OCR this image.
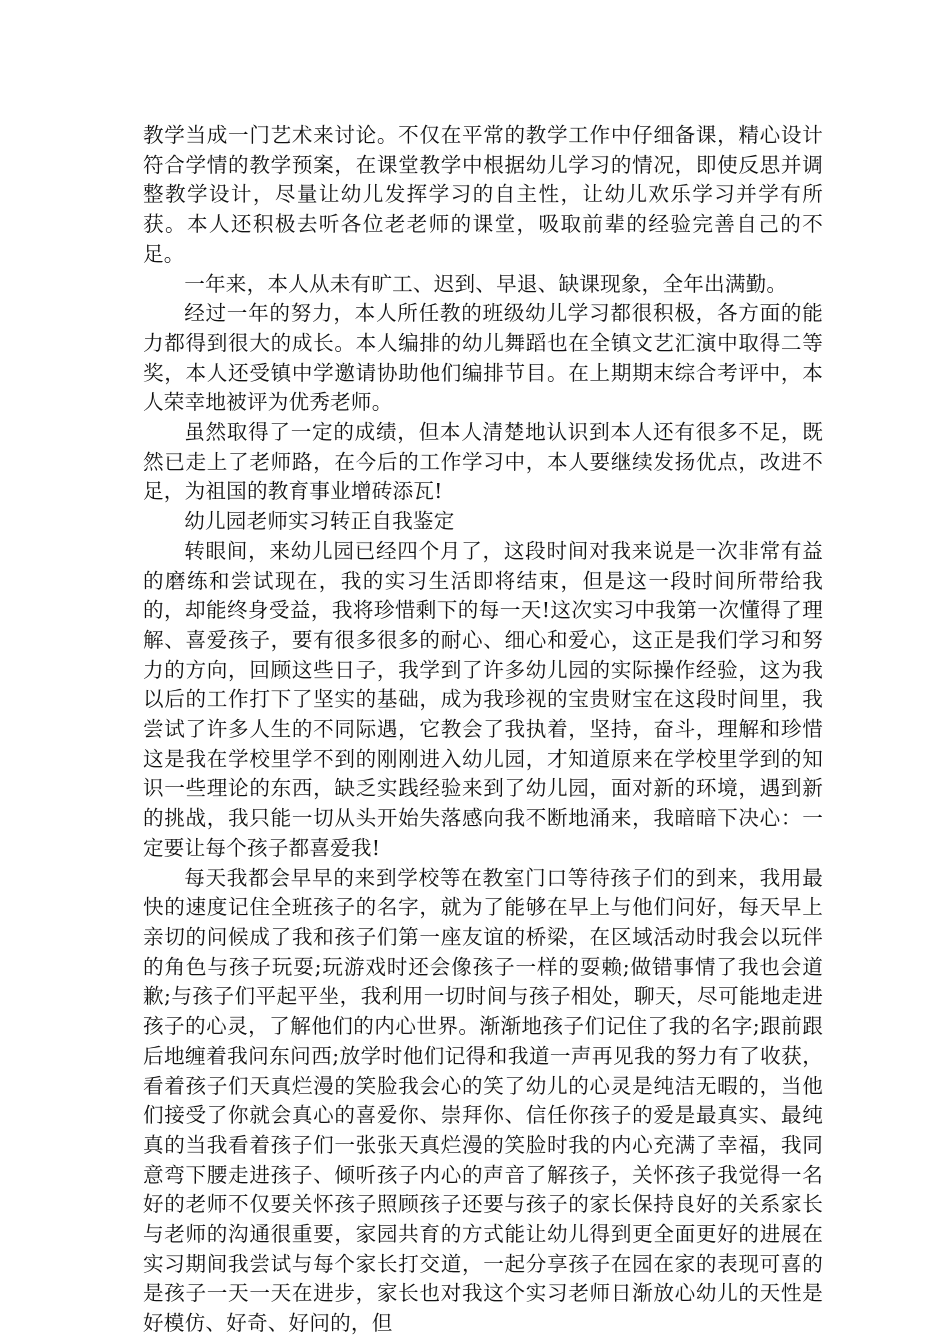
教学当成一门艺术来讨论。不仅在平常的教学工作中仔细备课，精心设计符合学情的教学预案，在课堂教学中根据幼儿学习的情况，即使反思并调整教学设计，尽量让幼儿发挥学习的自主性，让幼儿欢乐学习并学有所获。本人还积极去听各位老老师的课堂，吸取前辈的经验完善自己的不足。

一年来，本人从未有旷工、迟到、早退、缺课现象，全年出满勤。

经过一年的努力，本人所任教的班级幼儿学习都很积极，各方面的能力都得到很大的成长。本人编排的幼儿舞蹈也在全镇文艺汇演中取得二等奖，本人还受镇中学邀请协助他们编排节目。在上期期末综合考评中，本人荣幸地被评为优秀老师。

虽然取得了一定的成绩，但本人清楚地认识到本人还有很多不足，既然已走上了老师路，在今后的工作学习中，本人要继续发扬优点，改进不足，为祖国的教育事业增砖添瓦!

幼儿园老师实习转正自我鉴定

转眼间，来幼儿园已经四个月了，这段时间对我来说是一次非常有益的磨练和尝试现在，我的实习生活即将结束，但是这一段时间所带给我的，却能终身受益，我将珍惜剩下的每一天!这次实习中我第一次懂得了理解、喜爱孩子，要有很多很多的耐心、细心和爱心，这正是我们学习和努力的方向，回顾这些日子，我学到了许多幼儿园的实际操作经验，这为我以后的工作打下了坚实的基础，成为我珍视的宝贵财宝在这段时间里，我尝试了许多人生的不同际遇，它教会了我执着，坚持，奋斗，理解和珍惜这是我在学校里学不到的刚刚进入幼儿园，才知道原来在学校里学到的知识一些理论的东西，缺乏实践经验来到了幼儿园，面对新的环境，遇到新的挑战，我只能一切从头开始失落感向我不断地涌来，我暗暗下决心：一定要让每个孩子都喜爱我!

每天我都会早早的来到学校等在教室门口等待孩子们的到来，我用最快的速度记住全班孩子的名字，就为了能够在早上与他们问好，每天早上亲切的问候成了我和孩子们第一座友谊的桥梁，在区域活动时我会以玩伴的角色与孩子玩耍;玩游戏时还会像孩子一样的耍赖;做错事情了我也会道歉;与孩子们平起平坐，我利用一切时间与孩子相处，聊天，尽可能地走进孩子的心灵，了解他们的内心世界。渐渐地孩子们记住了我的名字;跟前跟后地缠着我问东问西;放学时他们记得和我道一声再见我的努力有了收获，看着孩子们天真烂漫的笑脸我会心的笑了幼儿的心灵是纯洁无暇的，当他们接受了你就会真心的喜爱你、崇拜你、信任你孩子的爱是最真实、最纯真的当我看着孩子们一张张天真烂漫的笑脸时我的内心充满了幸福，我同意弯下腰走进孩子、倾听孩子内心的声音了解孩子，关怀孩子我觉得一名好的老师不仅要关怀孩子照顾孩子还要与孩子的家长保持良好的关系家长与老师的沟通很重要，家园共育的方式能让幼儿得到更全面更好的进展在实习期间我尝试与每个家长打交道，一起分享孩子在园在家的表现可喜的是孩子一天一天在进步，家长也对我这个实习老师日渐放心幼儿的天性是好模仿、好奇、好问的，但
